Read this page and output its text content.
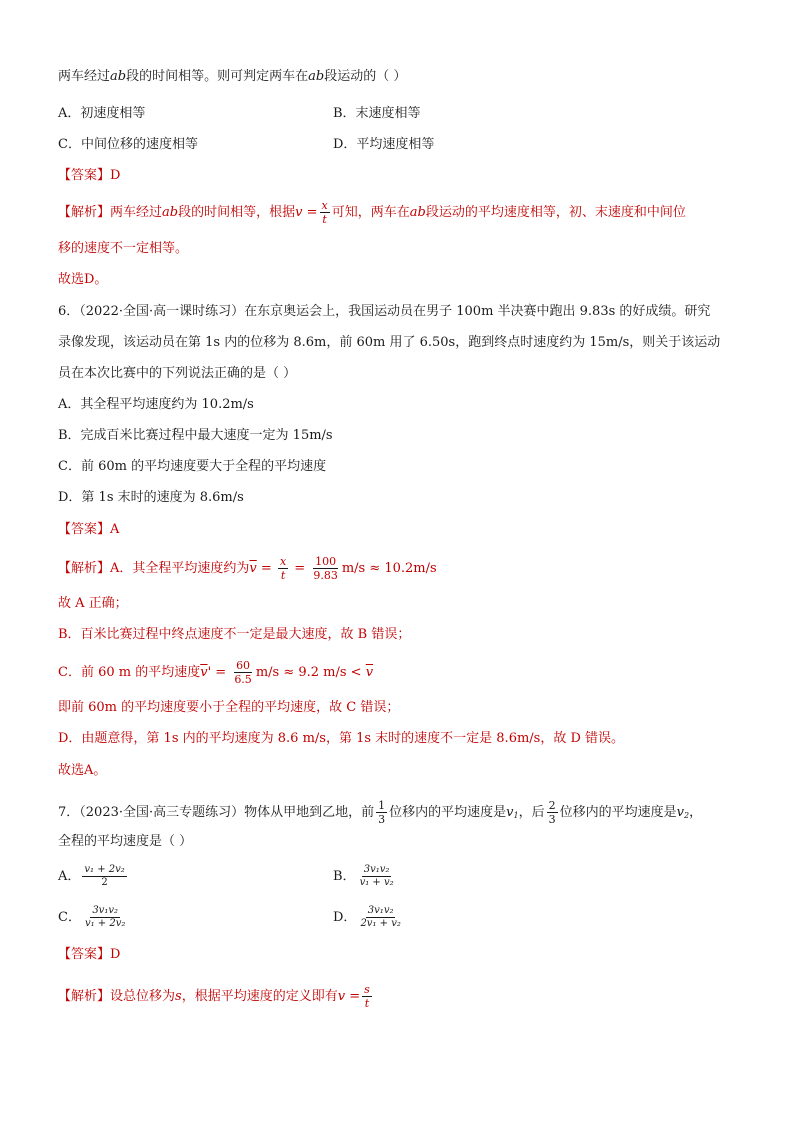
两车经过ab段的时间相等。则可判定两车在ab段运动的（ ）
A．初速度相等	B．末速度相等
C．中间位移的速度相等	D．平均速度相等
【答案】D
【解析】两车经过ab段的时间相等，根据$v = \frac{x}{t}$ 可知，两车在ab段运动的平均速度相等，初、末速度和中间位
移的速度不一定相等。
故选D。
6．（2022·全国·高一课时练习）在东京奥运会上，我国运动员在男子 100m 半决赛中跑出 9.83s 的好成绩。研究
录像发现，该运动员在第 1s 内的位移为 8.6m，前 60m 用了 6.50s，跑到终点时速度约为 15m/s，则关于该运动
员在本次比赛中的下列说法正确的是（ ）
A．其全程平均速度约为 10.2m/s
B．完成百米比赛过程中最大速度一定为 15m/s
C．前 60m 的平均速度要大于全程的平均速度
D．第 1s 末时的速度为 8.6m/s
【答案】A
【解析】A．其全程平均速度约为$\overline{v} = \frac{x}{t} = \frac{100}{9.83} m/s \approx 10.2m/s$
故 A 正确；
B．百米比赛过程中终点速度不一定是最大速度，故 B 错误；
C．前 60 m 的平均速度$\overline{v}' = \frac{60}{6.5} m/s \approx 9.2$ $m/s < \overline{v}$
即前 60m 的平均速度要小于全程的平均速度，故 C 错误；
D．由题意得，第 1s 内的平均速度为 8.6 m/s，第 1s 末时的速度不一定是 8.6m/s，故 D 错误。
故选A。
7．（2023·全国·高三专题练习）物体从甲地到乙地，前 $\frac{1}{3}$ 位移内的平均速度是$v_1$，后 $\frac{2}{3}$ 位移内的平均速度是$v_2$，
全程的平均速度是（ ）
A． $\frac{\text{v₁ + 2v₂}}{2}$	B． $\frac{\text{3v₁v₂}}{\text{v₁ + v₂}}$
C． $\frac{\text{3v₁v₂}}{\text{v₁ + 2v₂}}$	D． $\frac{\text{3v₁v₂}}{\text{2v₁ + v₂}}$
【答案】D
【解析】设总位移为s，根据平均速度的定义即有$v = \frac{s}{t}$
